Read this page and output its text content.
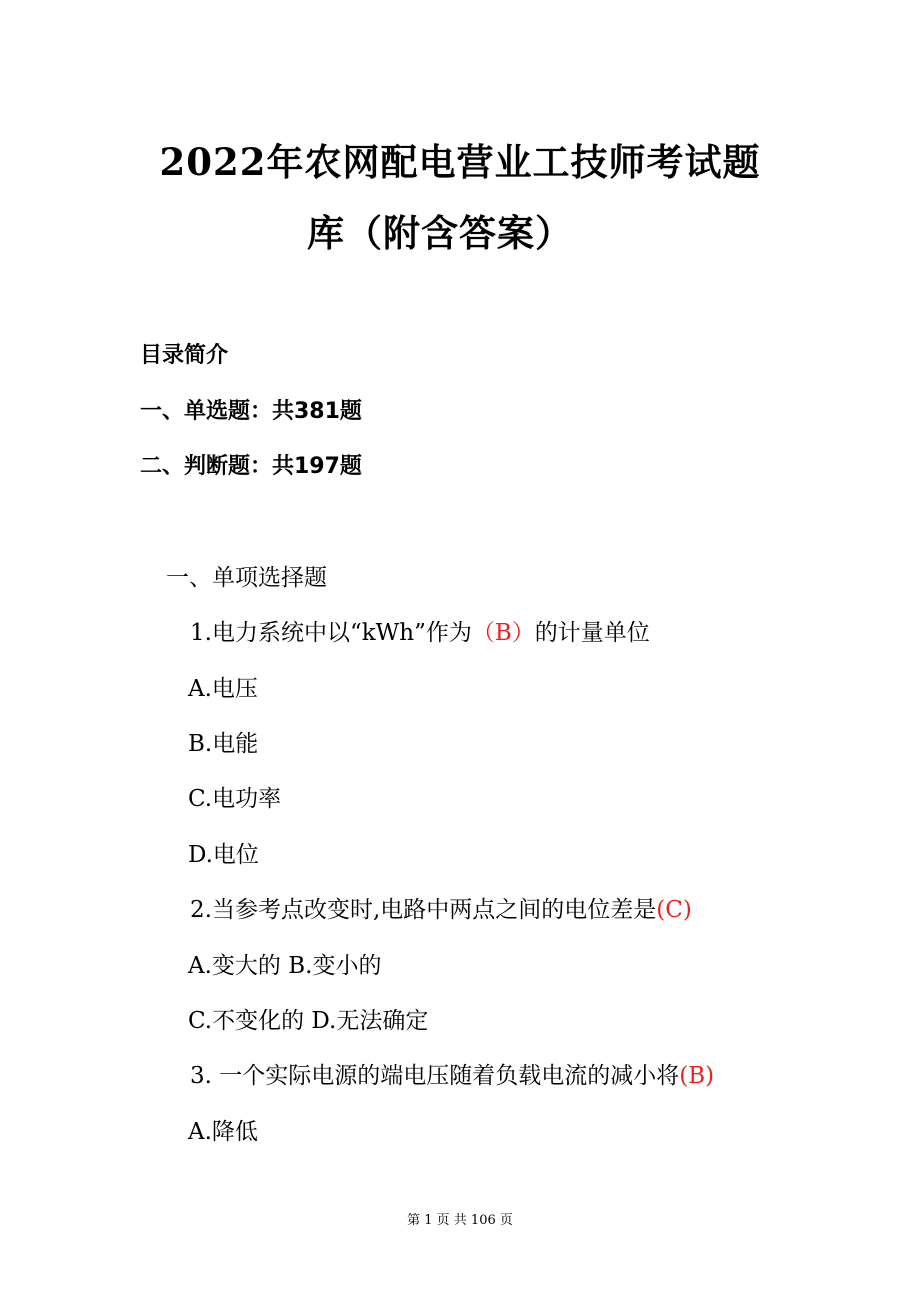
2022年农网配电营业工技师考试题
库（附含答案）
目录简介
一、单选题：共381题
二、判断题：共197题
一、单项选择题
1.电力系统中以“kWh”作为（B）的计量单位
A.电压
B.电能
C.电功率
D.电位
2.当参考点改变时,电路中两点之间的电位差是(C)
A.变大的 B.变小的
C.不变化的 D.无法确定
3. 一个实际电源的端电压随着负载电流的减小将(B)
A.降低
第 1 页 共 106 页
